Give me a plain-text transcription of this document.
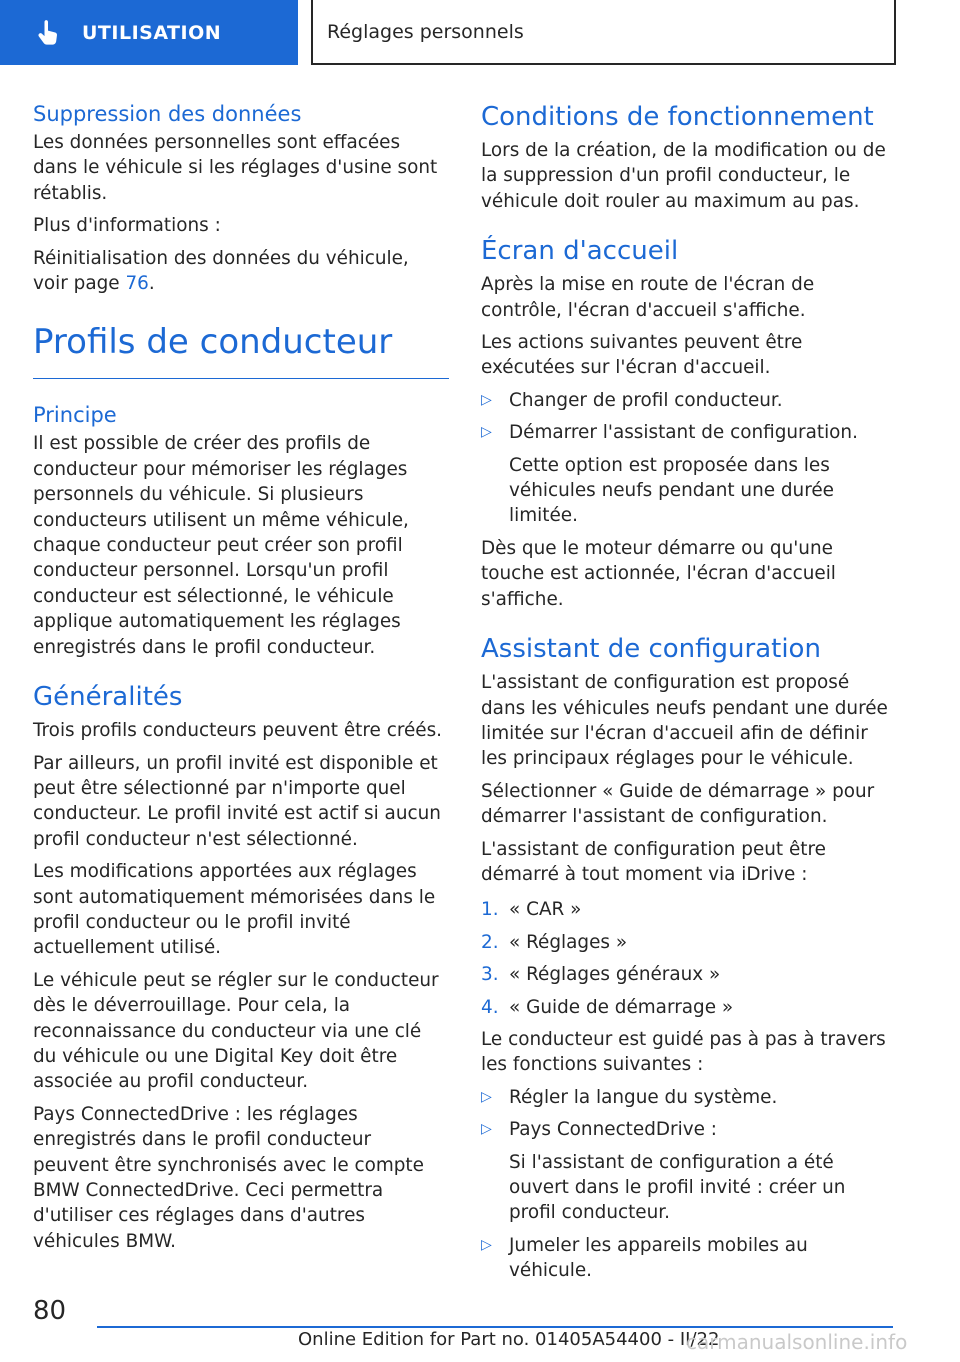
UTILISATION	Réglages personnels
Suppression des données

Les données personnelles sont effacées dans le véhicule si les réglages d'usine sont rétablis.

Plus d'informations :

Réinitialisation des données du véhicule, voir page 76.

Profils de conducteur
Principe

Il est possible de créer des profils de conducteur pour mémoriser les réglages personnels du véhicule. Si plusieurs conducteurs utilisent un même véhicule, chaque conducteur peut créer son profil conducteur personnel. Lorsqu'un profil conducteur est sélectionné, le véhicule applique automatiquement les réglages enregistrés dans le profil conducteur.

Généralités

Trois profils conducteurs peuvent être créés.

Par ailleurs, un profil invité est disponible et peut être sélectionné par n'importe quel conducteur. Le profil invité est actif si aucun profil conducteur n'est sélectionné.

Les modifications apportées aux réglages sont automatiquement mémorisées dans le profil conducteur ou le profil invité actuellement utilisé.

Le véhicule peut se régler sur le conducteur dès le déverrouillage. Pour cela, la reconnaissance du conducteur via une clé du véhicule ou une Digital Key doit être associée au profil conducteur.

Pays ConnectedDrive : les réglages enregistrés dans le profil conducteur peuvent être synchronisés avec le compte BMW ConnectedDrive. Ceci permettra d'utiliser ces réglages dans d'autres véhicules BMW.

Conditions de fonctionnement

Lors de la création, de la modification ou de la suppression d'un profil conducteur, le véhicule doit rouler au maximum au pas.

Écran d'accueil

Après la mise en route de l'écran de contrôle, l'écran d'accueil s'affiche.

Les actions suivantes peuvent être exécutées sur l'écran d'accueil.

▷ Changer de profil conducteur.
▷ Démarrer l'assistant de configuration.
Cette option est proposée dans les véhicules neufs pendant une durée limitée.

Dès que le moteur démarre ou qu'une touche est actionnée, l'écran d'accueil s'affiche.

Assistant de configuration

L'assistant de configuration est proposé dans les véhicules neufs pendant une durée limitée sur l'écran d'accueil afin de définir les principaux réglages pour le véhicule.

Sélectionner « Guide de démarrage » pour démarrer l'assistant de configuration.

L'assistant de configuration peut être démarré à tout moment via iDrive :

1. « CAR »
2. « Réglages »
3. « Réglages généraux »
4. « Guide de démarrage »

Le conducteur est guidé pas à pas à travers les fonctions suivantes :

▷ Régler la langue du système.
▷ Pays ConnectedDrive :
Si l'assistant de configuration a été ouvert dans le profil invité : créer un profil conducteur.
▷ Jumeler les appareils mobiles au véhicule.
80
Online Edition for Part no. 01405A54400 - II/22
carmanualsonline.info
